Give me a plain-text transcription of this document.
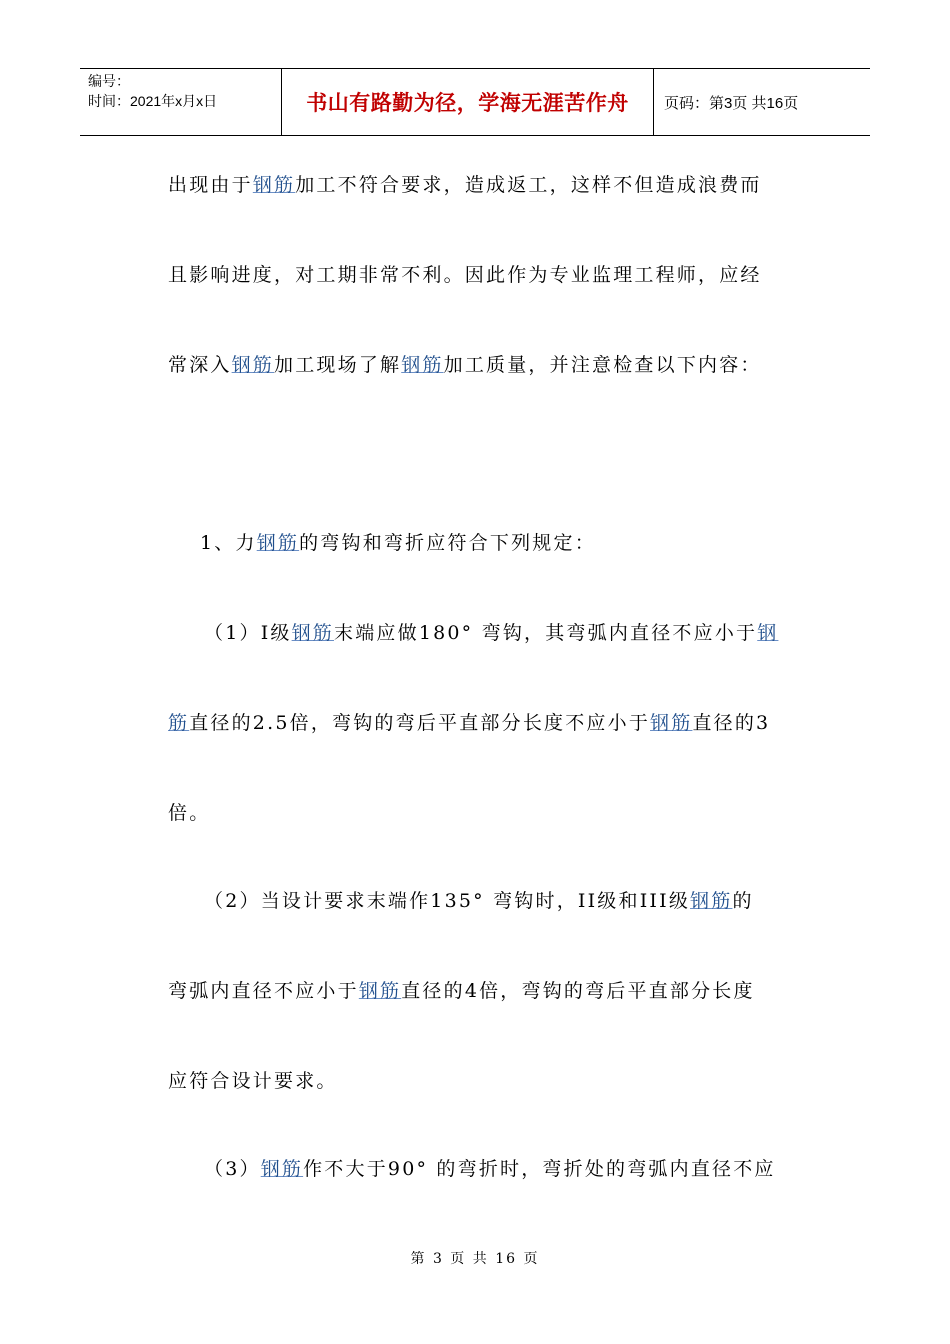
编号：
时间：2021年x月x日	书山有路勤为径，学海无涯苦作舟	页码：第3页 共16页
出现由于钢筋加工不符合要求，造成返工，这样不但造成浪费而
且影响进度，对工期非常不利。因此作为专业监理工程师，应经
常深入钢筋加工现场了解钢筋加工质量，并注意检查以下内容：
1、力钢筋的弯钩和弯折应符合下列规定：
（1）I级钢筋末端应做180° 弯钩，其弯弧内直径不应小于钢
筋直径的2.5倍，弯钩的弯后平直部分长度不应小于钢筋直径的3
倍。
（2）当设计要求末端作135° 弯钩时，II级和III级钢筋的
弯弧内直径不应小于钢筋直径的4倍，弯钩的弯后平直部分长度
应符合设计要求。
（3）钢筋作不大于90° 的弯折时，弯折处的弯弧内直径不应
第 3 页 共 16 页
